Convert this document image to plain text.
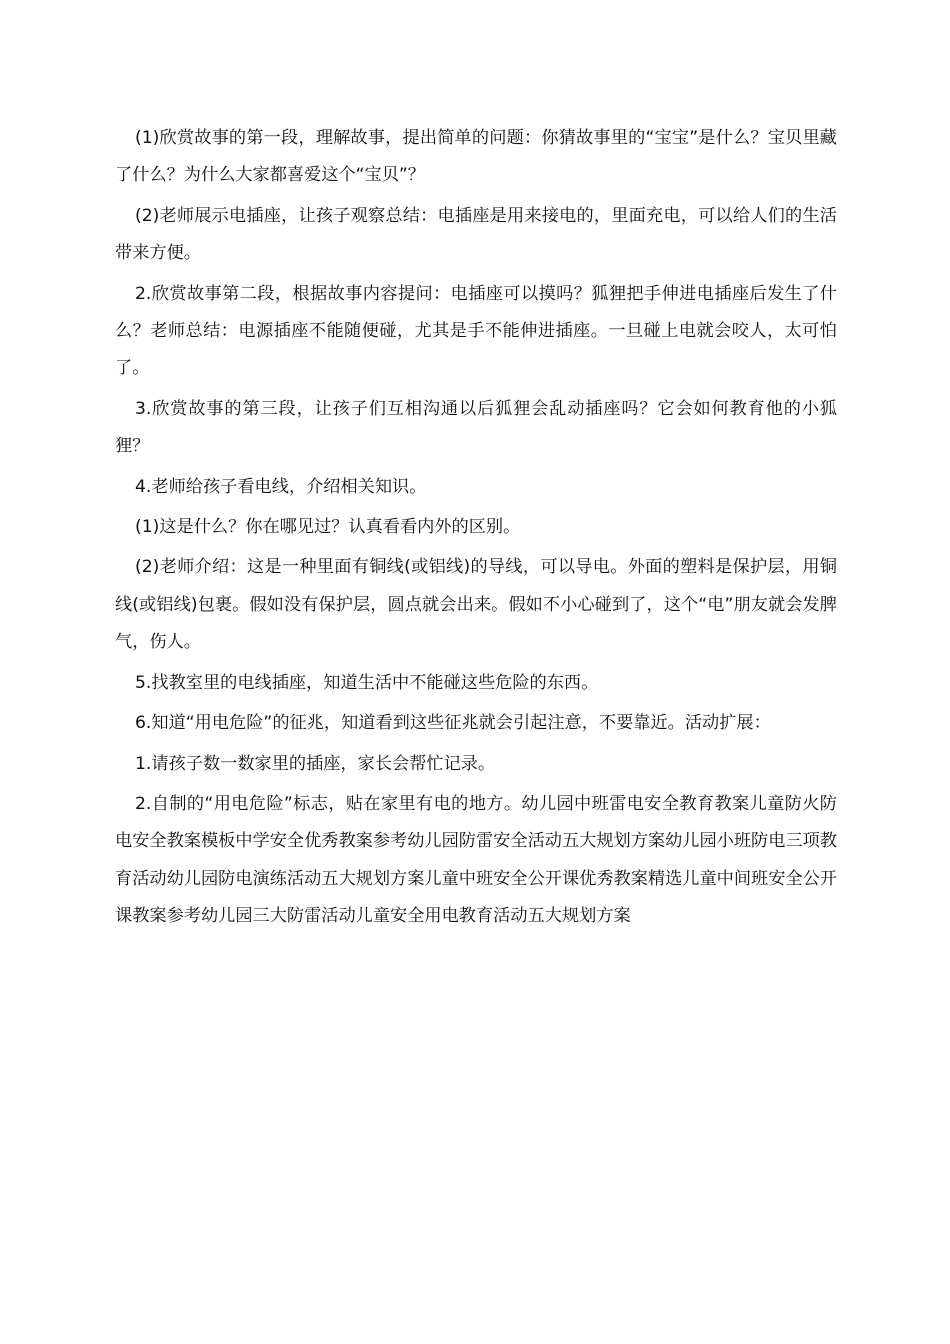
(1)欣赏故事的第一段，理解故事，提出简单的问题：你猜故事里的“宝宝”是什么？宝贝里藏了什么？为什么大家都喜爱这个“宝贝”？

(2)老师展示电插座，让孩子观察总结：电插座是用来接电的，里面充电，可以给人们的生活带来方便。

2.欣赏故事第二段，根据故事内容提问：电插座可以摸吗？狐狸把手伸进电插座后发生了什么？老师总结：电源插座不能随便碰，尤其是手不能伸进插座。一旦碰上电就会咬人，太可怕了。

3.欣赏故事的第三段，让孩子们互相沟通以后狐狸会乱动插座吗？它会如何教育他的小狐狸？

4.老师给孩子看电线，介绍相关知识。

(1)这是什么？你在哪见过？认真看看内外的区别。

(2)老师介绍：这是一种里面有铜线(或铝线)的导线，可以导电。外面的塑料是保护层，用铜线(或铝线)包裹。假如没有保护层，圆点就会出来。假如不小心碰到了，这个“电”朋友就会发脾气，伤人。

5.找教室里的电线插座，知道生活中不能碰这些危险的东西。

6.知道“用电危险”的征兆，知道看到这些征兆就会引起注意，不要靠近。活动扩展：

1.请孩子数一数家里的插座，家长会帮忙记录。

2.自制的“用电危险”标志，贴在家里有电的地方。幼儿园中班雷电安全教育教案儿童防火防电安全教案模板中学安全优秀教案参考幼儿园防雷安全活动五大规划方案幼儿园小班防电三项教育活动幼儿园防电演练活动五大规划方案儿童中班安全公开课优秀教案精选儿童中间班安全公开课教案参考幼儿园三大防雷活动儿童安全用电教育活动五大规划方案
